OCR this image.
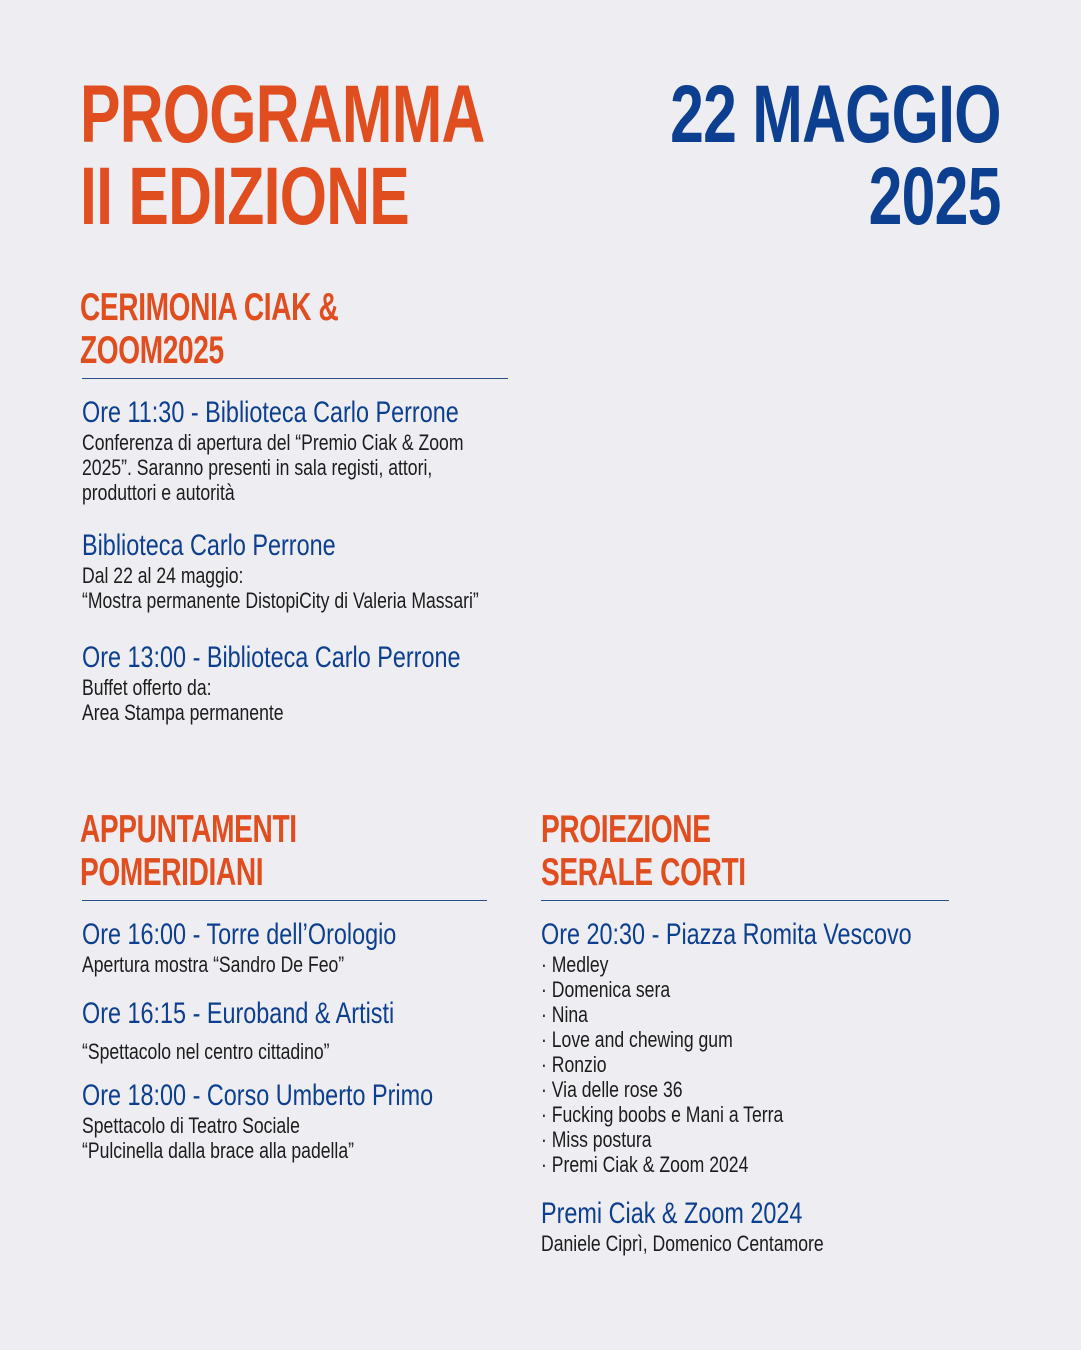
PROGRAMMA

II EDIZIONE

22 MAGGIO

2025

CERIMONIA CIAK &

ZOOM2025

Ore 11:30 - Biblioteca Carlo Perrone

Conferenza di apertura del “Premio Ciak & Zoom

2025”. Saranno presenti in sala registi, attori,

produttori e autorità

Biblioteca Carlo Perrone

Dal 22 al 24 maggio:

“Mostra permanente DistopiCity di Valeria Massari”

Ore 13:00 - Biblioteca Carlo Perrone

Buffet offerto da:

Area Stampa permanente

APPUNTAMENTI

POMERIDIANI

Ore 16:00 - Torre dell’Orologio

Apertura mostra “Sandro De Feo”

Ore 16:15 - Euroband & Artisti

“Spettacolo nel centro cittadino”

Ore 18:00 - Corso Umberto Primo

Spettacolo di Teatro Sociale

“Pulcinella dalla brace alla padella”

PROIEZIONE

SERALE CORTI

Ore 20:30 - Piazza Romita Vescovo

· Medley
· Domenica sera
· Nina
· Love and chewing gum
· Ronzio
· Via delle rose 36
· Fucking boobs e Mani a Terra
· Miss postura
· Premi Ciak & Zoom 2024

Premi Ciak & Zoom 2024

Daniele Ciprì, Domenico Centamore
